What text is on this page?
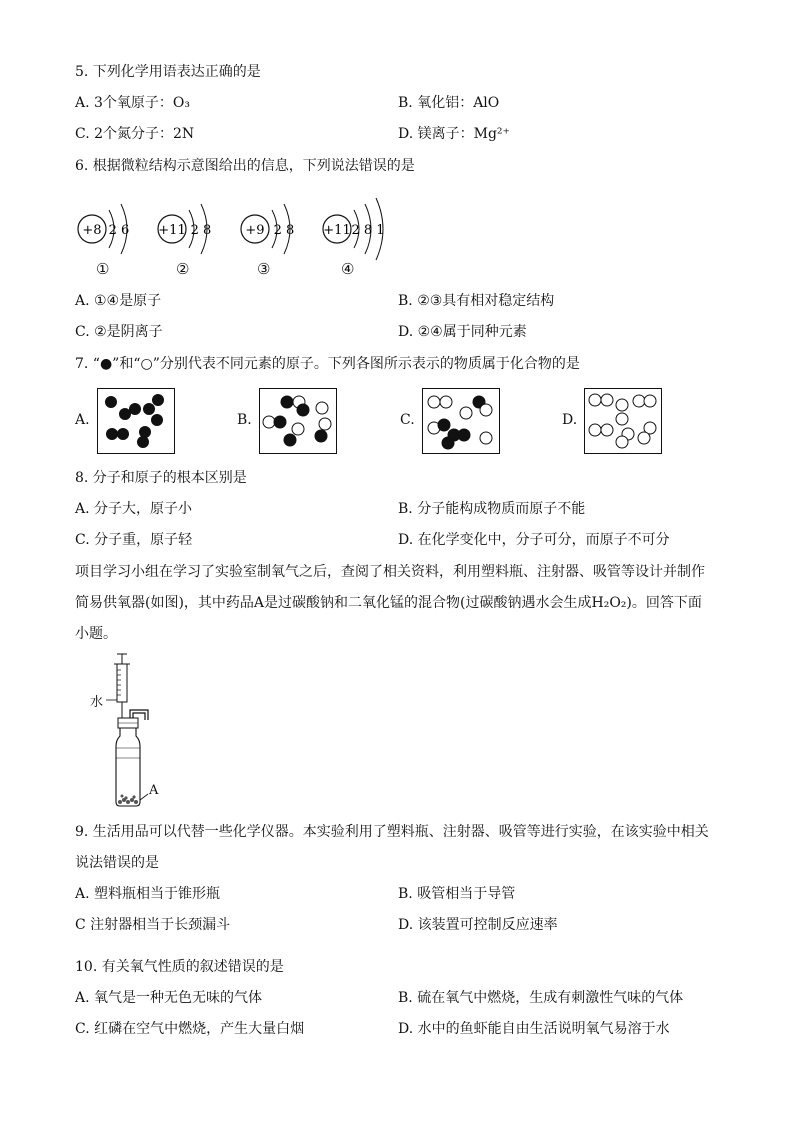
5. 下列化学用语表达正确的是
A. 3个氧原子：O₃	B. 氧化铝：AlO
C. 2个氮分子：2N	D. 镁离子：Mg²⁺
6. 根据微粒结构示意图给出的信息，下列说法错误的是
+8 2 6
①
+11 2 8
②
+9 2 8
③
+11 2 8 1
④
A. ①④是原子	B. ②③具有相对稳定结构
C. ②是阴离子	D. ②④属于同种元素
7. “●”和“○”分别代表不同元素的原子。下列各图所示表示的物质属于化合物的是
A.	B.	C.	D.
8. 分子和原子的根本区别是
A. 分子大，原子小	B. 分子能构成物质而原子不能
C. 分子重，原子轻	D. 在化学变化中，分子可分，而原子不可分
项目学习小组在学习了实验室制氧气之后，查阅了相关资料，利用塑料瓶、注射器、吸管等设计并制作
简易供氧器(如图)，其中药品A是过碳酸钠和二氧化锰的混合物(过碳酸钠遇水会生成H₂O₂)。回答下面
小题。
水
A
9. 生活用品可以代替一些化学仪器。本实验利用了塑料瓶、注射器、吸管等进行实验，在该实验中相关
说法错误的是
A. 塑料瓶相当于锥形瓶	B. 吸管相当于导管
C 注射器相当于长颈漏斗	D. 该装置可控制反应速率
10. 有关氧气性质的叙述错误的是
A. 氧气是一种无色无味的气体	B. 硫在氧气中燃烧，生成有刺激性气味的气体
C. 红磷在空气中燃烧，产生大量白烟	D. 水中的鱼虾能自由生活说明氧气易溶于水
